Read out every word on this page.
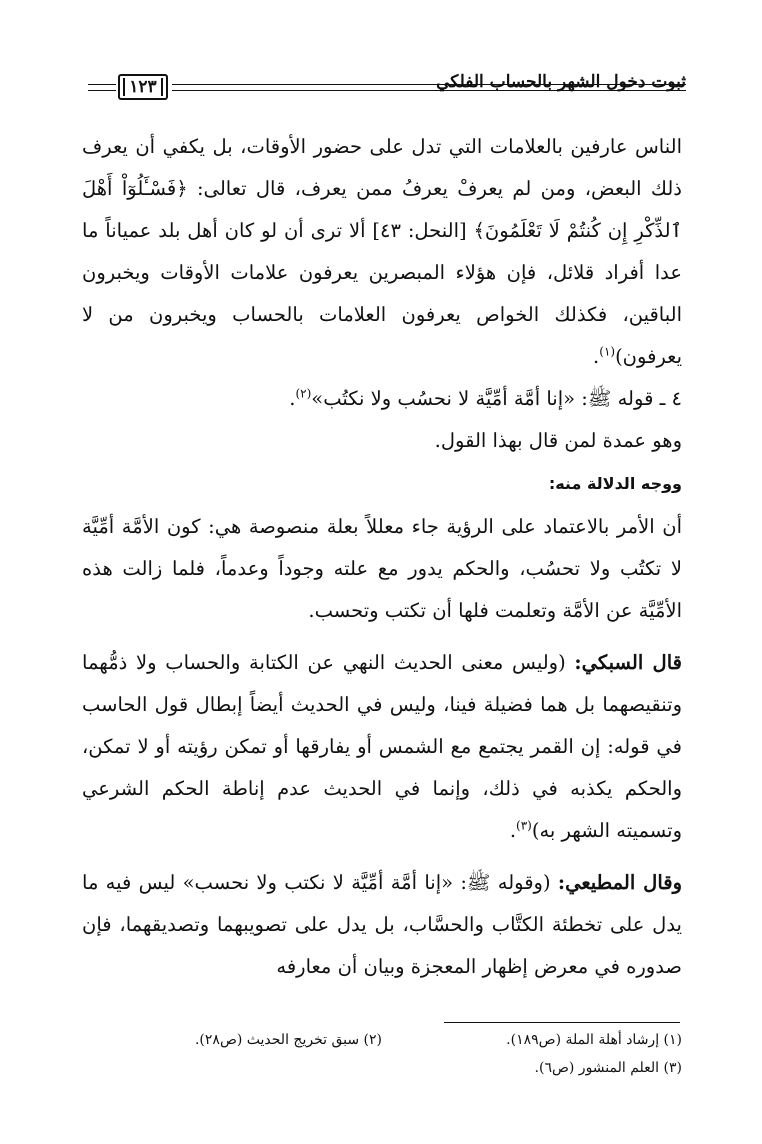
١٢٣	ثبوت دخول الشهر بالحساب الفلكي

الناس عارفين بالعلامات التي تدل على حضور الأوقات، بل يكفي أن يعرف ذلك البعض، ومن لم يعرفْ يعرفُ ممن يعرف، قال تعالى: ﴿فَسْـَٔلُوٓاْ أَهْلَ ٱلذِّكْرِ إِن كُنتُمْ لَا تَعْلَمُونَ﴾ [النحل: ٤٣] ألا ترى أن لو كان أهل بلد عمياناً ما عدا أفراد قلائل، فإن هؤلاء المبصرين يعرفون علامات الأوقات ويخبرون الباقين، فكذلك الخواص يعرفون العلامات بالحساب ويخبرون من لا يعرفون)$^{(١)}$.

٤ ـ قوله ﷺ: «إنا أمَّة أمِّيَّة لا نحسُب ولا نكتُب»$^{(٢)}$.

وهو عمدة لمن قال بهذا القول.

ووجه الدلالة منه:

أن الأمر بالاعتماد على الرؤية جاء معللاً بعلة منصوصة هي: كون الأمَّة أمِّيَّة لا تكتُب ولا تحسُب، والحكم يدور مع علته وجوداً وعدماً، فلما زالت هذه الأمِّيَّة عن الأمَّة وتعلمت فلها أن تكتب وتحسب.

قال السبكي: (وليس معنى الحديث النهي عن الكتابة والحساب ولا ذمُّهما وتنقيصهما بل هما فضيلة فينا، وليس في الحديث أيضاً إبطال قول الحاسب في قوله: إن القمر يجتمع مع الشمس أو يفارقها أو تمكن رؤيته أو لا تمكن، والحكم يكذبه في ذلك، وإنما في الحديث عدم إناطة الحكم الشرعي وتسميته الشهر به)$^{(٣)}$.

وقال المطيعي: (وقوله ﷺ: «إنا أمَّة أمِّيَّة لا نكتب ولا نحسب» ليس فيه ما يدل على تخطئة الكتَّاب والحسَّاب، بل يدل على تصويبهما وتصديقهما، فإن صدوره في معرض إظهار المعجزة وبيان أن معارفه

(١) إرشاد أهلة الملة (ص١٨٩).
(٢) سبق تخريج الحديث (ص٢٨).
(٣) العلم المنشور (ص٦).
